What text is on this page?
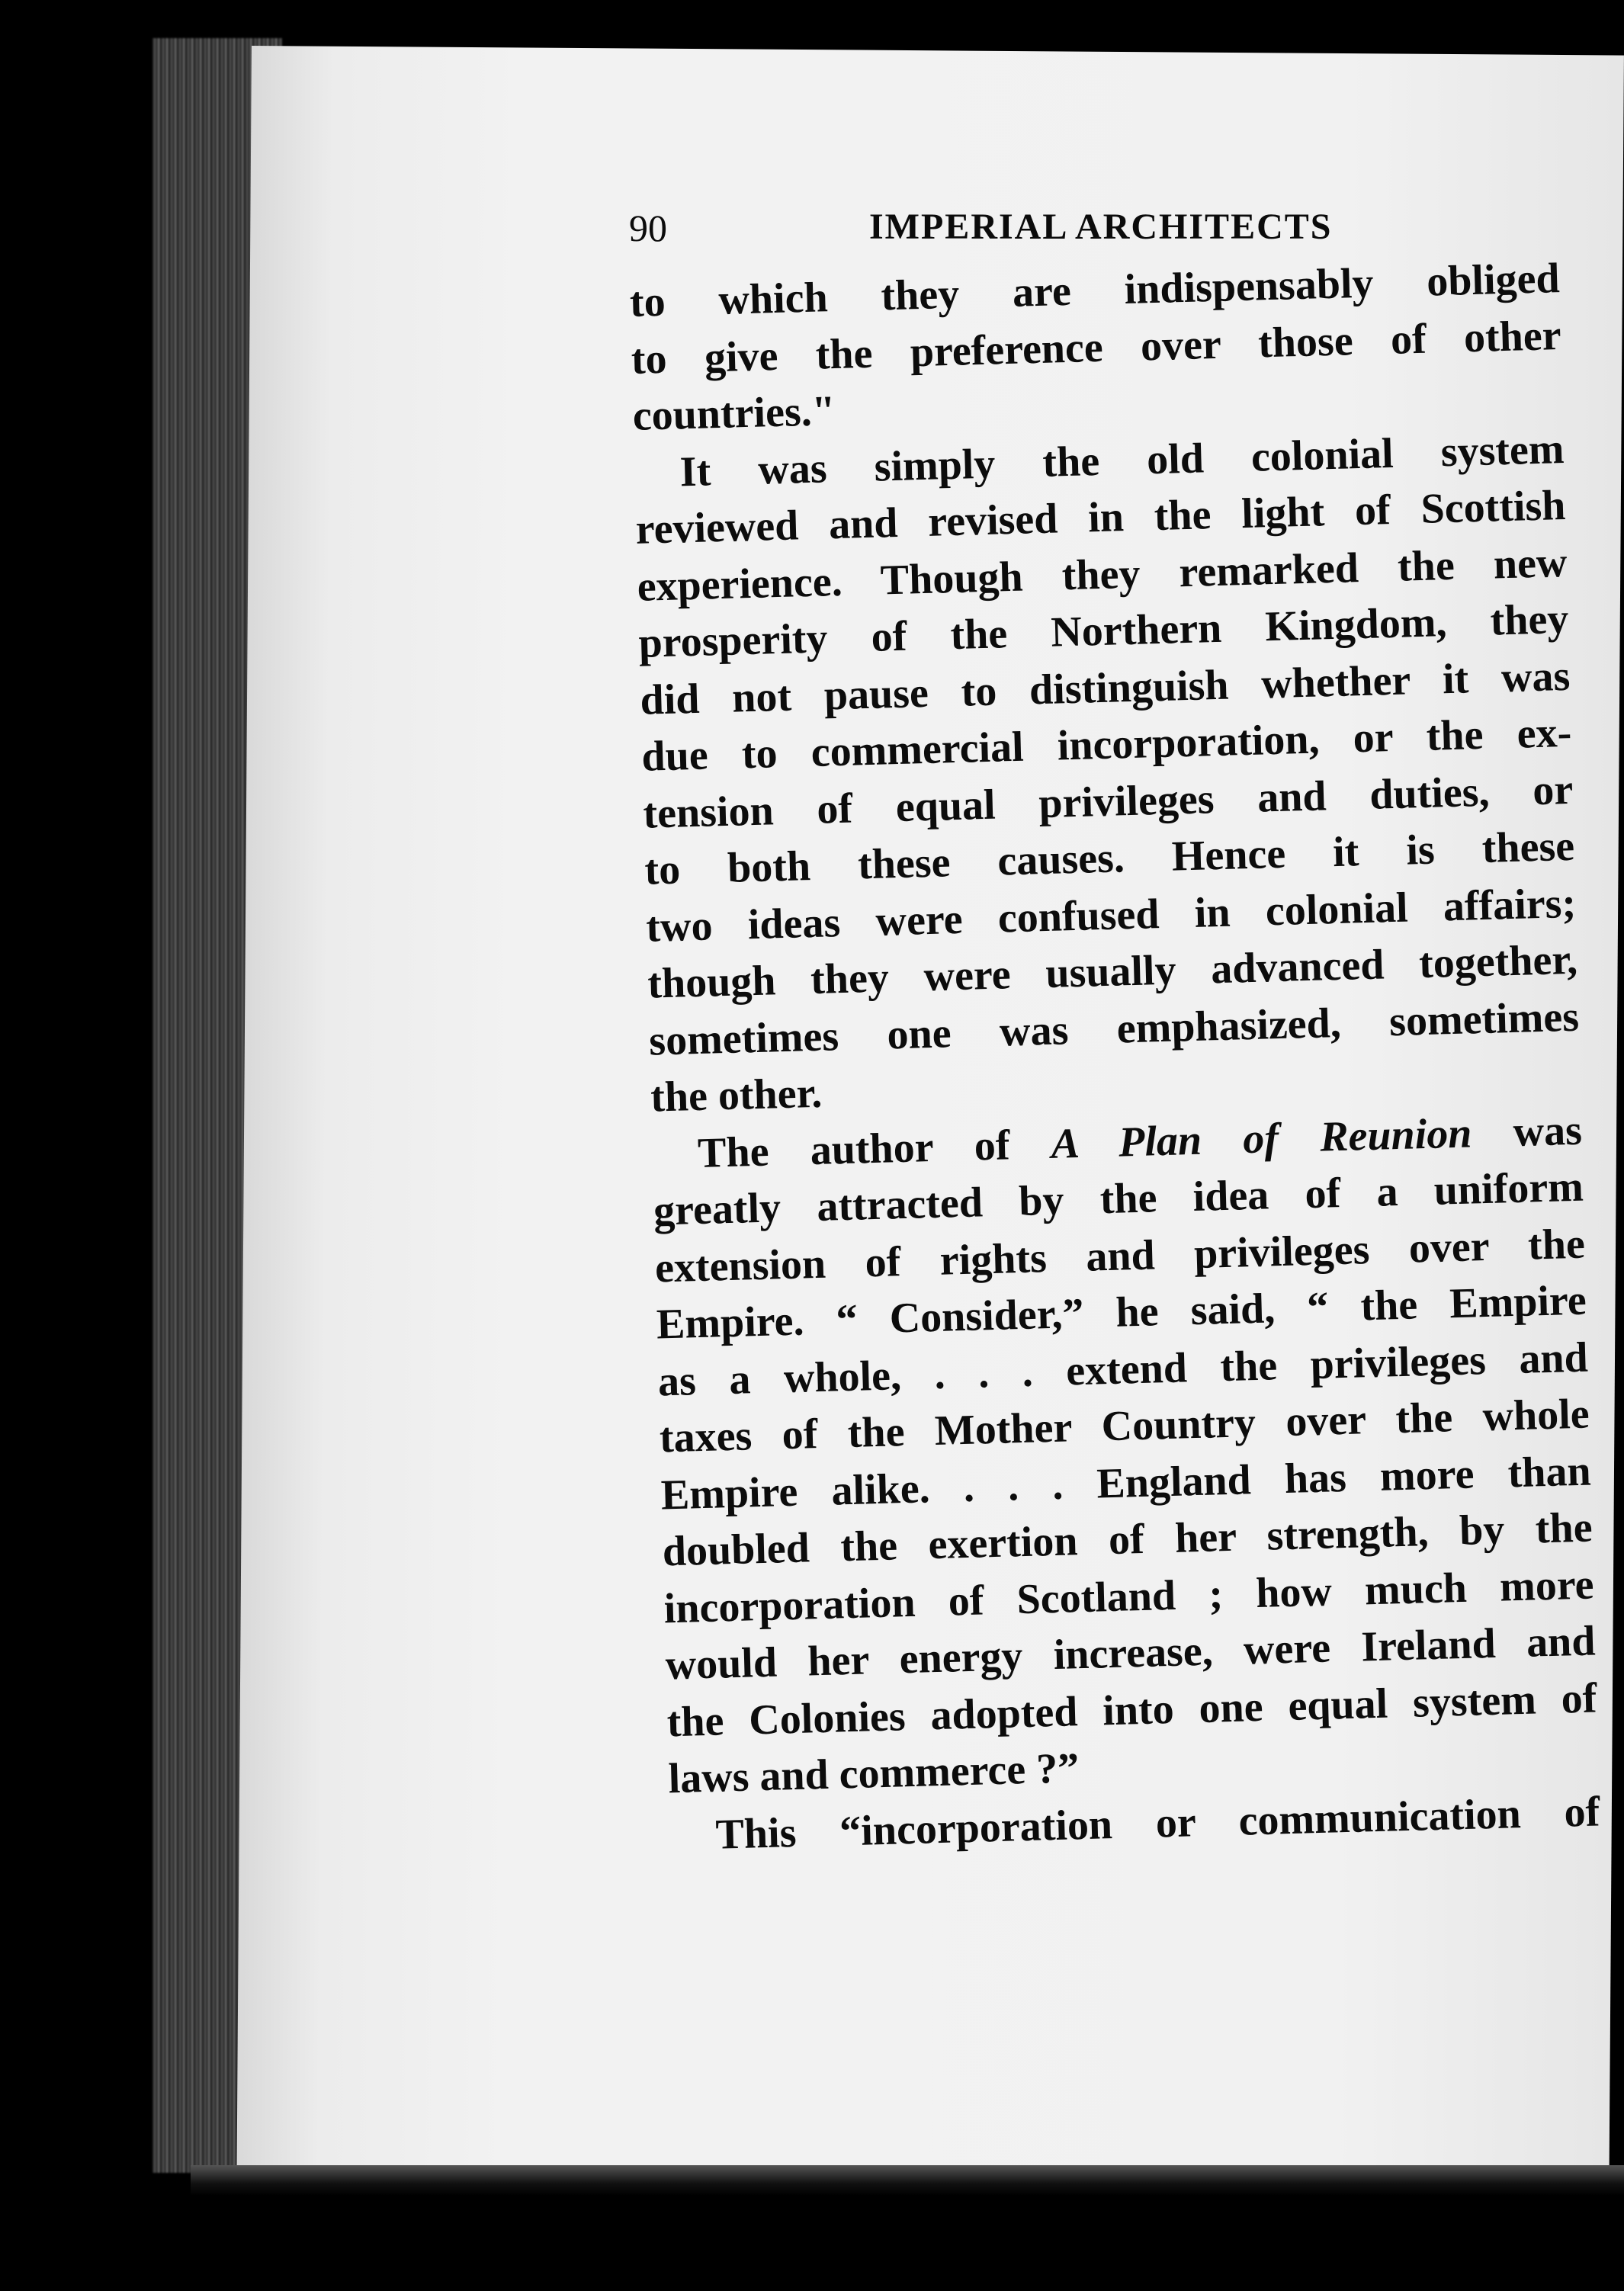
90	IMPERIAL ARCHITECTS

to which they are indispensably obliged
to give the preference over those of other
countries."

It was simply the old colonial system
reviewed and revised in the light of Scottish
experience. Though they remarked the new
prosperity of the Northern Kingdom, they
did not pause to distinguish whether it was
due to commercial incorporation, or the ex-
tension of equal privileges and duties, or
to both these causes. Hence it is these
two ideas were confused in colonial affairs;
though they were usually advanced together,
sometimes one was emphasized, sometimes
the other.

The author of A Plan of Reunion was
greatly attracted by the idea of a uniform
extension of rights and privileges over the
Empire. “ Consider,” he said, “ the Empire
as a whole, . . . extend the privileges and
taxes of the Mother Country over the whole
Empire alike. . . . England has more than
doubled the exertion of her strength, by the
incorporation of Scotland ; how much more
would her energy increase, were Ireland and
the Colonies adopted into one equal system of
laws and commerce ?”

This “incorporation or communication of
